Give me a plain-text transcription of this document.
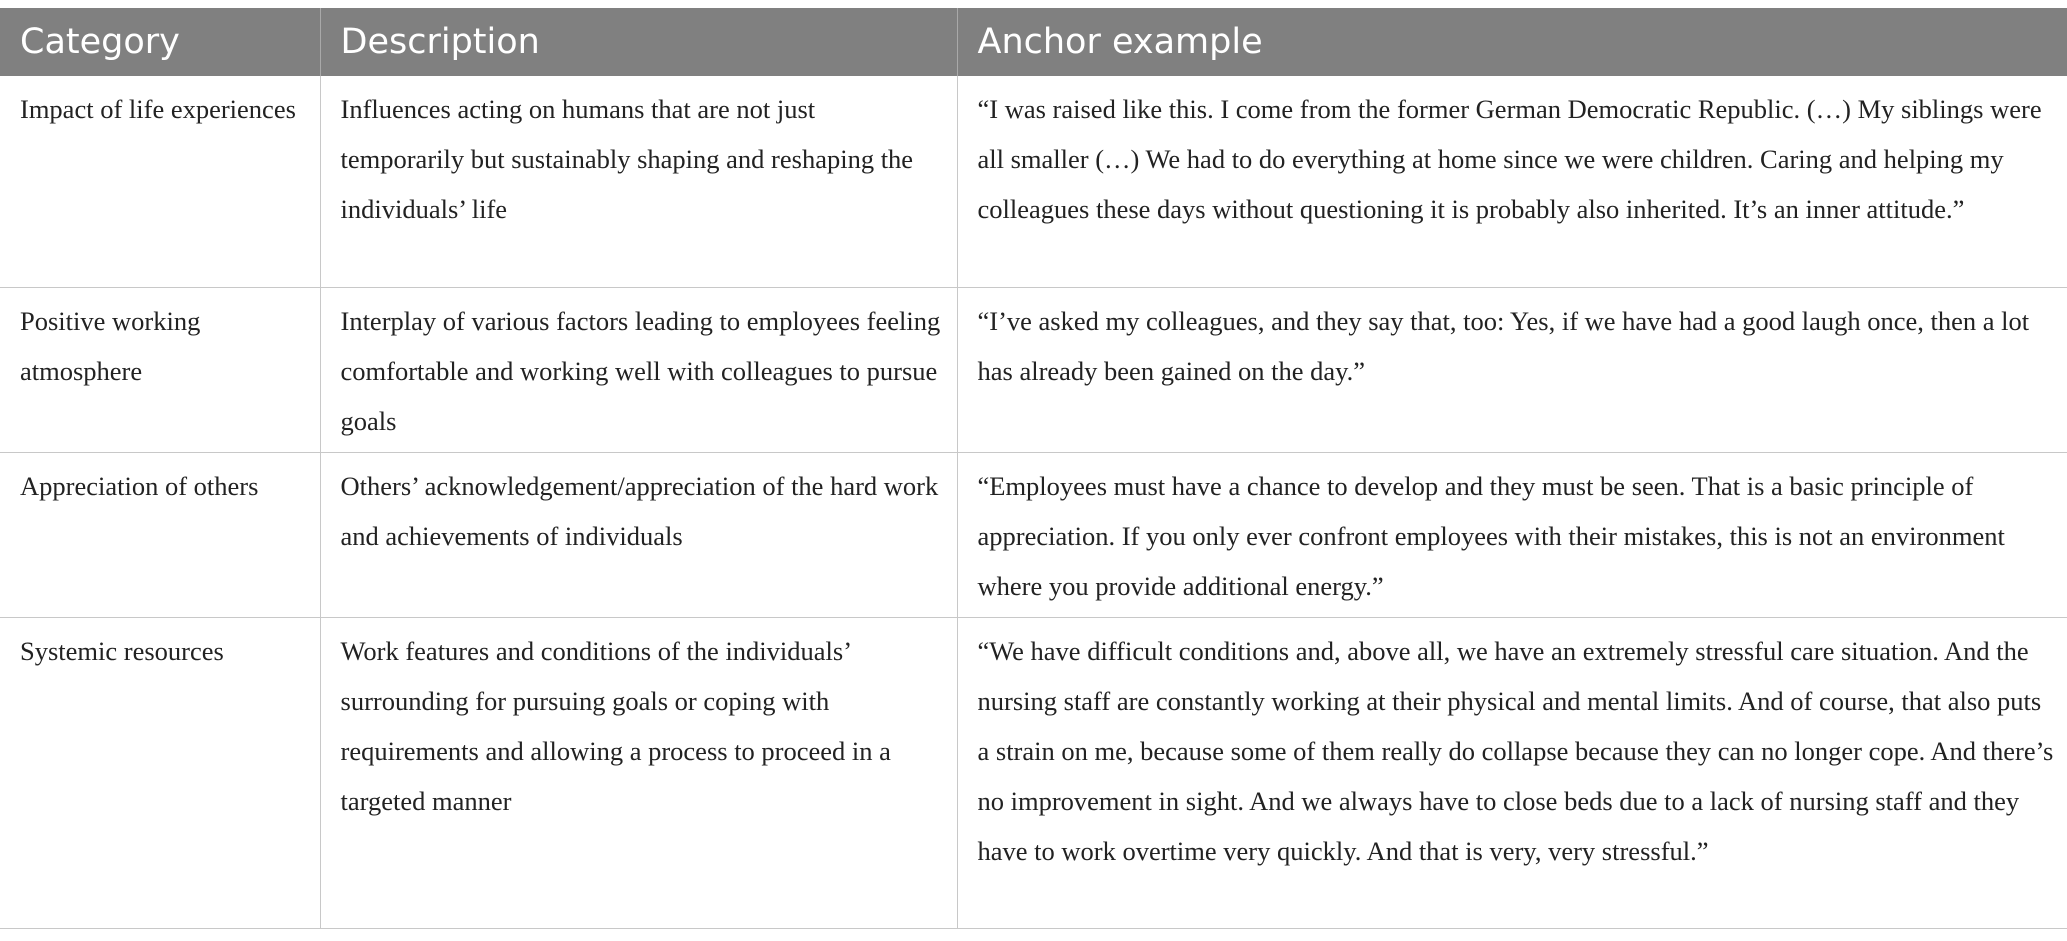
Category	Description	Anchor example
Impact of life experiences	Influences acting on humans that are not just temporarily but sustainably shaping and reshaping the individuals’ life	“I was raised like this. I come from the former German Democratic Republic. (…) My siblings were all smaller (…) We had to do everything at home since we were children. Caring and helping my colleagues these days without questioning it is probably also inherited. It’s an inner attitude.”
Positive working atmosphere	Interplay of various factors leading to employees feeling comfortable and working well with colleagues to pursue goals	“I’ve asked my colleagues, and they say that, too: Yes, if we have had a good laugh once, then a lot has already been gained on the day.”
Appreciation of others	Others’ acknowledgement/appreciation of the hard work and achievements of individuals	“Employees must have a chance to develop and they must be seen. That is a basic principle of appreciation. If you only ever confront employees with their mistakes, this is not an environment where you provide additional energy.”
Systemic resources	Work features and conditions of the individuals’ surrounding for pursuing goals or coping with requirements and allowing a process to proceed in a targeted manner	“We have difficult conditions and, above all, we have an extremely stressful care situation. And the nursing staff are constantly working at their physical and mental limits. And of course, that also puts a strain on me, because some of them really do collapse because they can no longer cope. And there’s no improvement in sight. And we always have to close beds due to a lack of nursing staff and they have to work overtime very quickly. And that is very, very stressful.”
